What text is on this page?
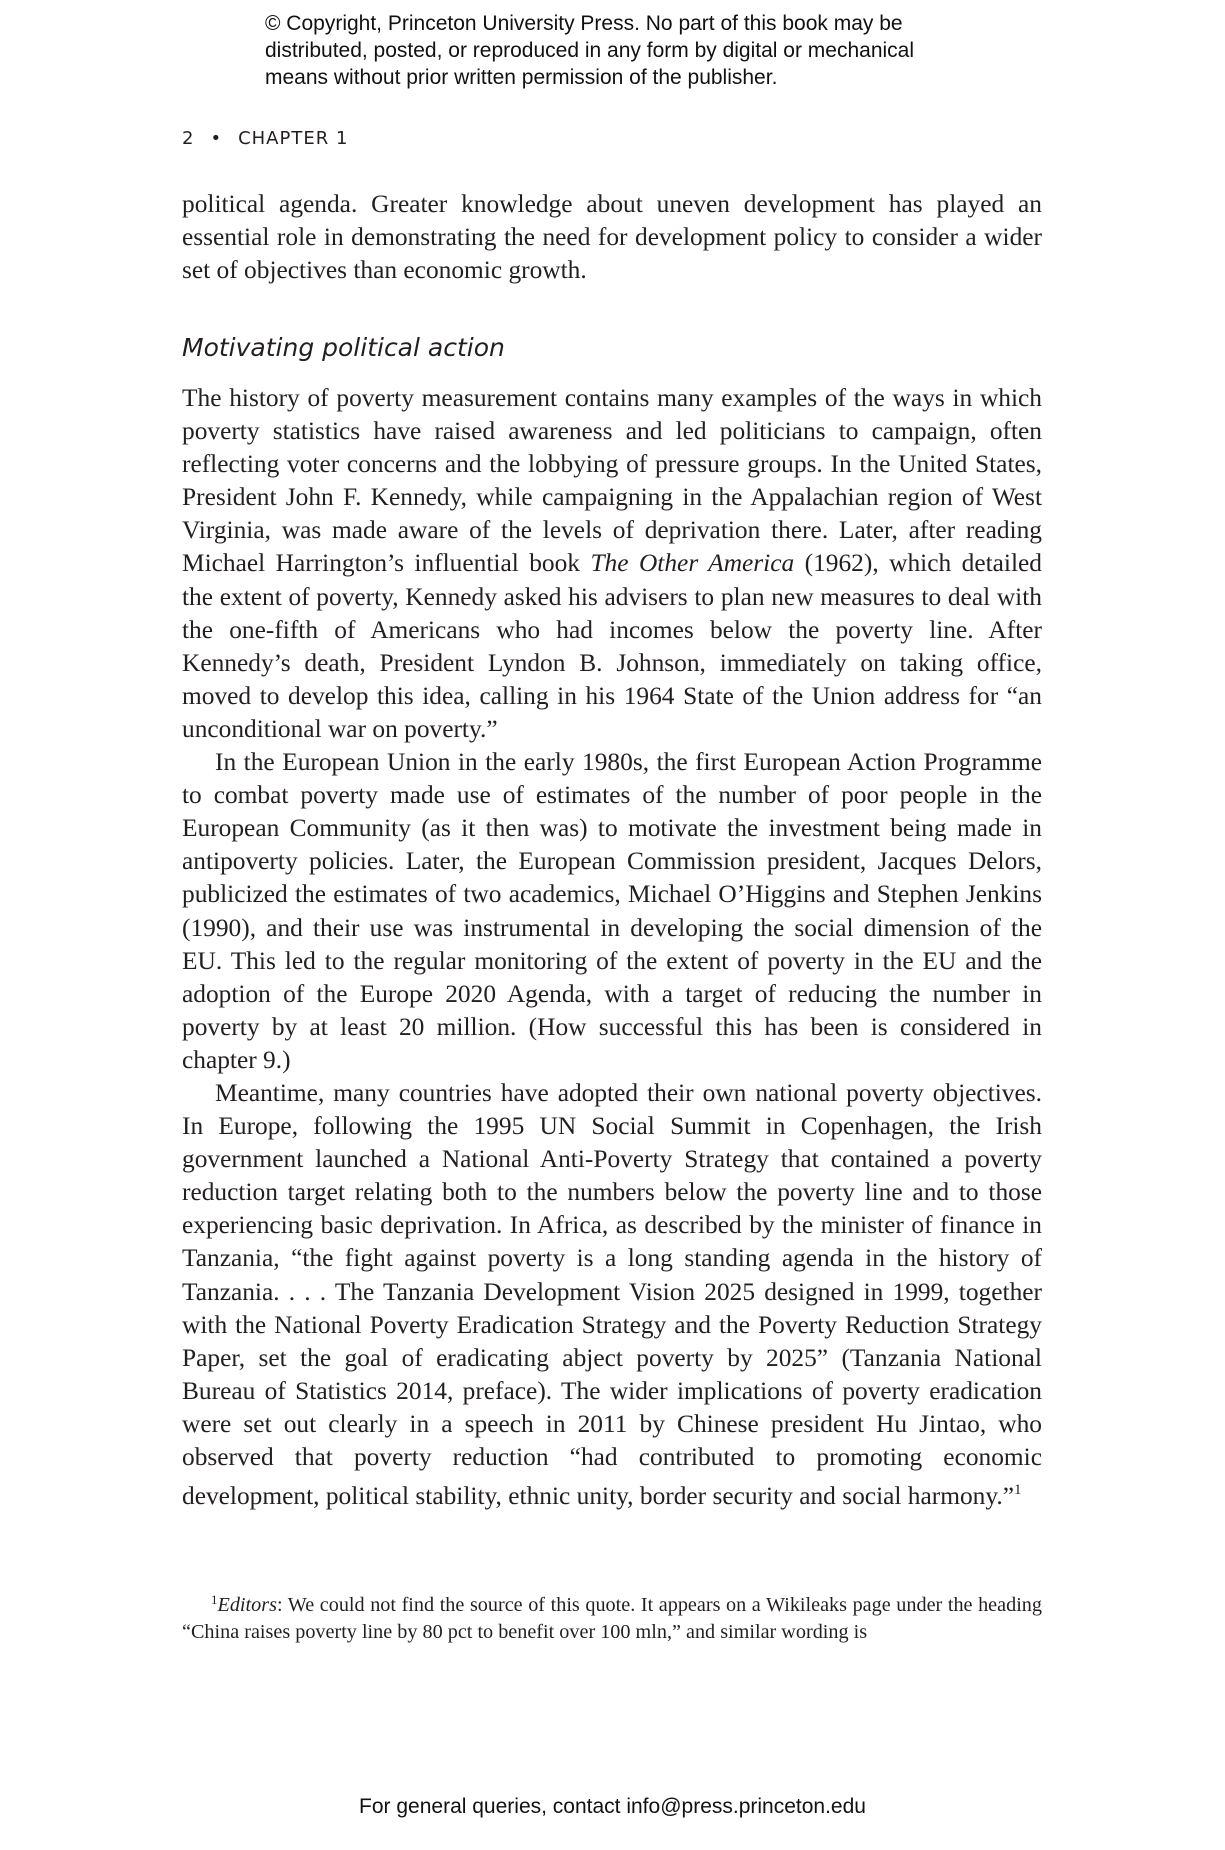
© Copyright, Princeton University Press. No part of this book may be
distributed, posted, or reproduced in any form by digital or mechanical
means without prior written permission of the publisher.
2 • CHAPTER 1

political agenda. Greater knowledge about uneven development has played an essential role in demonstrating the need for development policy to consider a wider set of objectives than economic growth.

Motivating political action

The history of poverty measurement contains many examples of the ways in which poverty statistics have raised awareness and led politicians to campaign, often reflecting voter concerns and the lobbying of pressure groups. In the United States, President John F. Kennedy, while campaigning in the Appalachian region of West Virginia, was made aware of the levels of deprivation there. Later, after reading Michael Harrington’s influential book The Other America (1962), which detailed the extent of poverty, Kennedy asked his advisers to plan new measures to deal with the one-fifth of Americans who had incomes below the poverty line. After Kennedy’s death, President Lyndon B. Johnson, immediately on taking office, moved to develop this idea, calling in his 1964 State of the Union address for “an unconditional war on poverty.”

In the European Union in the early 1980s, the first European Action Programme to combat poverty made use of estimates of the number of poor people in the European Community (as it then was) to motivate the investment being made in antipoverty policies. Later, the European Commission president, Jacques Delors, publicized the estimates of two academics, Michael O’Higgins and Stephen Jenkins (1990), and their use was instrumental in developing the social dimension of the EU. This led to the regular monitoring of the extent of poverty in the EU and the adoption of the Europe 2020 Agenda, with a target of reducing the number in poverty by at least 20 million. (How successful this has been is considered in chapter 9.)

Meantime, many countries have adopted their own national poverty objectives. In Europe, following the 1995 UN Social Summit in Copenhagen, the Irish government launched a National Anti-Poverty Strategy that contained a poverty reduction target relating both to the numbers below the poverty line and to those experiencing basic deprivation. In Africa, as described by the minister of finance in Tanzania, “the fight against poverty is a long standing agenda in the history of Tanzania. . . . The Tanzania Development Vision 2025 designed in 1999, together with the National Poverty Eradication Strategy and the Poverty Reduction Strategy Paper, set the goal of eradicating abject poverty by 2025” (Tanzania National Bureau of Statistics 2014, preface). The wider implications of poverty eradication were set out clearly in a speech in 2011 by Chinese president Hu Jintao, who observed that poverty reduction “had contributed to promoting economic development, political stability, ethnic unity, border security and social harmony.”$^1$

$^1$Editors: We could not find the source of this quote. It appears on a Wikileaks page under the heading “China raises poverty line by 80 pct to benefit over 100 mln,” and similar wording is
For general queries, contact info@press.princeton.edu
